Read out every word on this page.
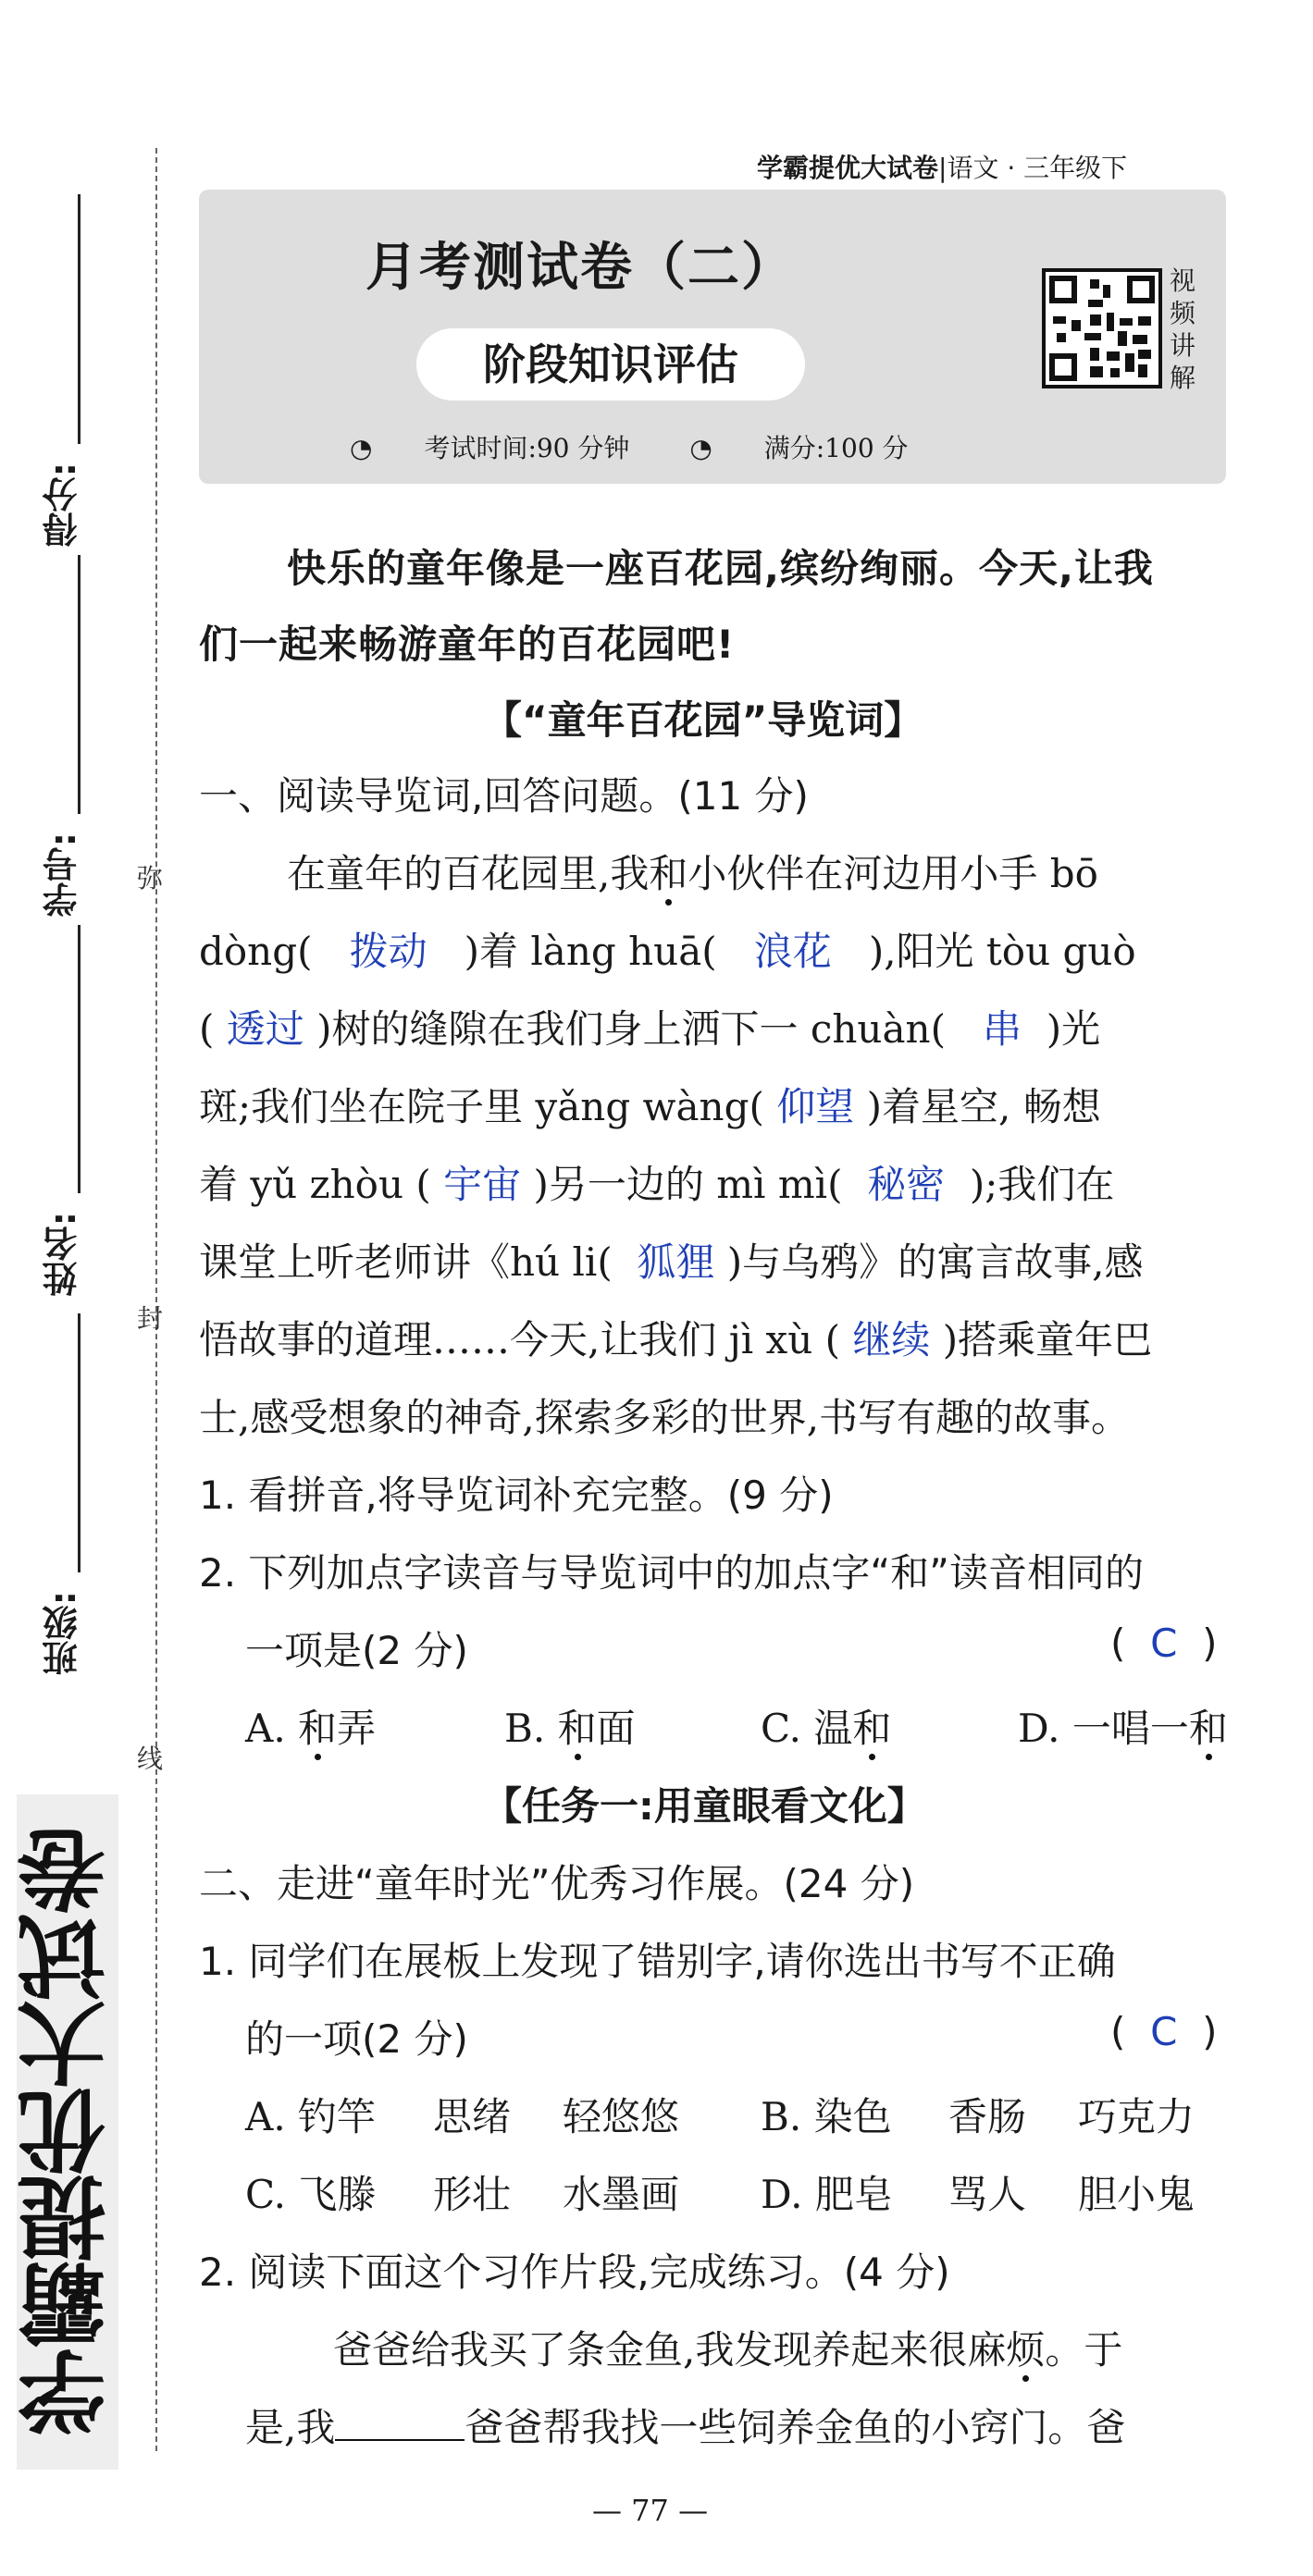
得分:
学号:
姓名:
班级:
弥
封
线
学霸提优大试卷
学霸提优大试卷|语文 · 三年级下
月考测试卷（二）
阶段知识评估
◔ 考试时间:90 分钟 ◔ 满分:100 分
视频讲解
快乐的童年像是一座百花园,缤纷绚丽。今天,让我
们一起来畅游童年的百花园吧!
【“童年百花园”导览词】
一、阅读导览词,回答问题。(11 分)
在童年的百花园里,我和小伙伴在河边用小手 bō
dòng( 拨动 )着 làng huā( 浪花 ),阳光 tòu guò
( 透过 )树的缝隙在我们身上洒下一 chuàn( 串 )光
斑;我们坐在院子里 yǎng wàng( 仰望 )着星空, 畅想
着 yǔ zhòu ( 宇宙 )另一边的 mì mì( 秘密 );我们在
课堂上听老师讲《hú li( 狐狸 )与乌鸦》的寓言故事,感
悟故事的道理……今天,让我们 jì xù ( 继续 )搭乘童年巴
士,感受想象的神奇,探索多彩的世界,书写有趣的故事。
1. 看拼音,将导览词补充完整。(9 分)
2. 下列加点字读音与导览词中的加点字“和”读音相同的
一项是(2 分)	(  C  )
A. 和弄	B. 和面	C. 温和	D. 一唱一和
【任务一:用童眼看文化】
二、走进“童年时光”优秀习作展。(24 分)
1. 同学们在展板上发现了错别字,请你选出书写不正确
的一项(2 分)	(  C  )
A. 钓竿 思绪 轻悠悠 B. 染色 香肠 巧克力
C. 飞滕 形壮 水墨画 D. 肥皂 骂人 胆小鬼
2. 阅读下面这个习作片段,完成练习。(4 分)
爸爸给我买了条金鱼,我发现养起来很麻烦。于
是,我	爸爸帮我找一些饲养金鱼的小窍门。爸
— 77 —
